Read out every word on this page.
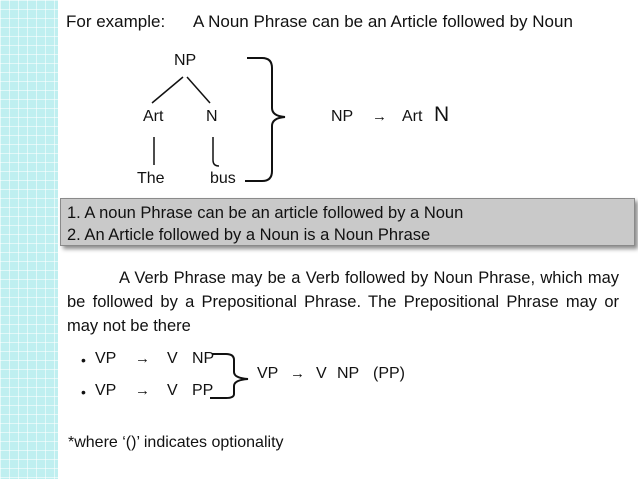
For example: A Noun Phrase can be an Article followed by Noun
NP
Art	N
The	bus
NP → Art N
1. A noun Phrase can be an article followed by a Noun
2. An Article followed by a Noun is a Noun Phrase
A Verb Phrase may be a Verb followed by Noun Phrase, which may be followed by a Prepositional Phrase. The Prepositional Phrase may or may not be there
• VP → V NP
• VP → V PP
VP → V NP (PP)
*where ‘()’ indicates optionality
